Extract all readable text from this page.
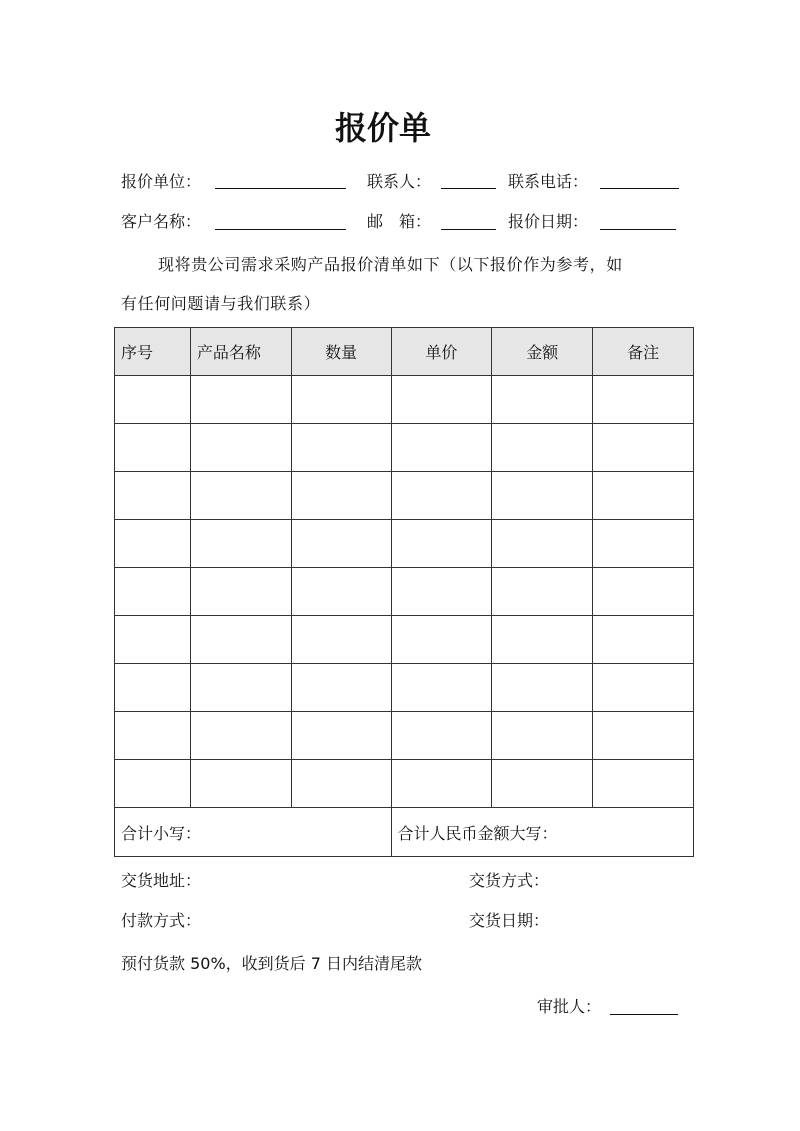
报价单
报价单位：	联系人：	联系电话：
客户名称：	邮　箱：	报价日期：
现将贵公司需求采购产品报价清单如下（以下报价作为参考，如
有任何问题请与我们联系）
序号	产品名称	数量	单价	金额	备注

合计小写：			合计人民币金额大写：		
交货地址：	交货方式：
付款方式：	交货日期：
预付货款 50%，收到货后 7 日内结清尾款
审批人：
